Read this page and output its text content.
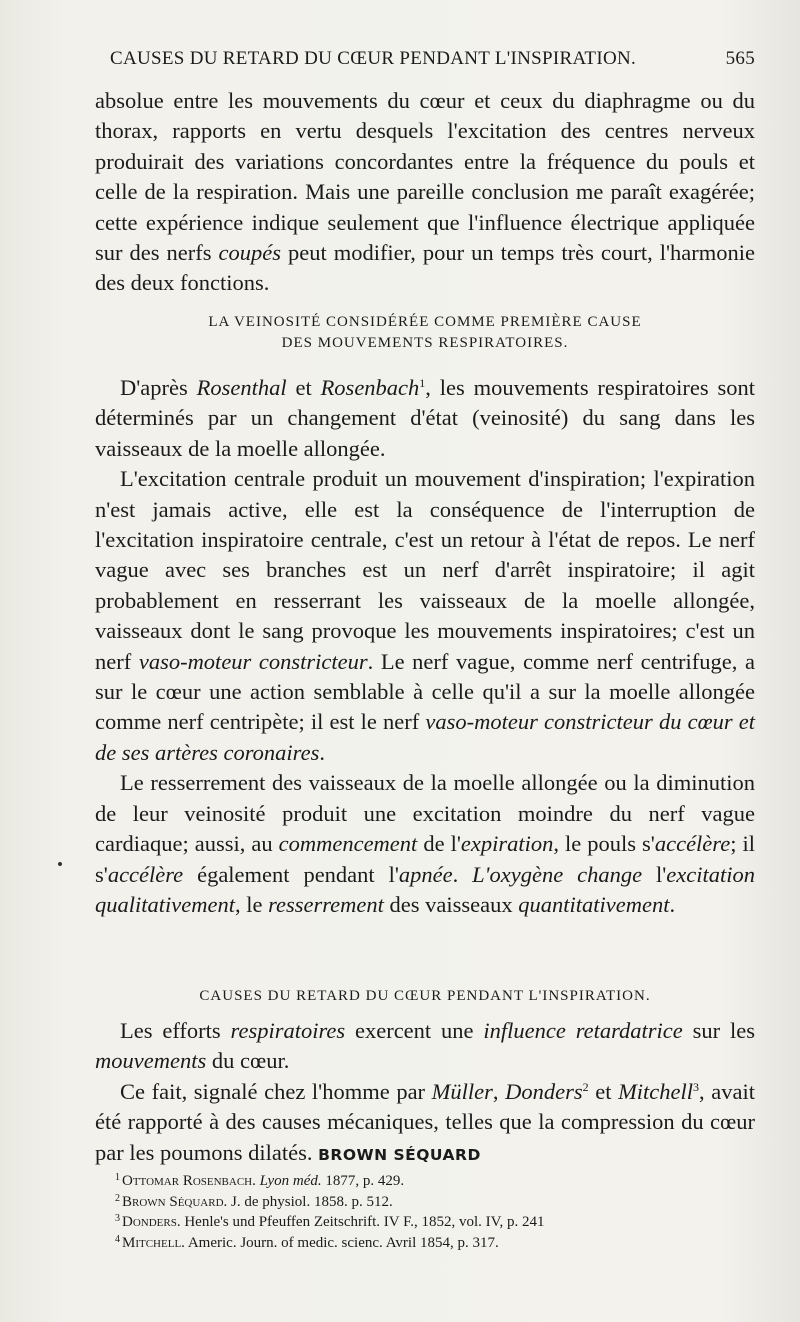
CAUSES DU RETARD DU CŒUR PENDANT L'INSPIRATION.	565

absolue entre les mouvements du cœur et ceux du diaphragme ou du thorax, rapports en vertu desquels l'excitation des centres nerveux produirait des variations concordantes entre la fréquence du pouls et celle de la respiration. Mais une pareille conclusion me paraît exagérée; cette expérience indique seulement que l'influence électrique appliquée sur des nerfs coupés peut modifier, pour un temps très court, l'harmonie des deux fonctions.

LA VEINOSITÉ CONSIDÉRÉE COMME PREMIÈRE CAUSE
DES MOUVEMENTS RESPIRATOIRES.

D'après Rosenthal et Rosenbach$^1$, les mouvements respiratoires sont déterminés par un changement d'état (veinosité) du sang dans les vaisseaux de la moelle allongée.

L'excitation centrale produit un mouvement d'inspiration; l'expiration n'est jamais active, elle est la conséquence de l'interruption de l'excitation inspiratoire centrale, c'est un retour à l'état de repos. Le nerf vague avec ses branches est un nerf d'arrêt inspiratoire; il agit probablement en resserrant les vaisseaux de la moelle allongée, vaisseaux dont le sang provoque les mouvements inspiratoires; c'est un nerf vaso-moteur constricteur. Le nerf vague, comme nerf centrifuge, a sur le cœur une action semblable à celle qu'il a sur la moelle allongée comme nerf centripète; il est le nerf vaso-moteur constricteur du cœur et de ses artères coronaires.

Le resserrement des vaisseaux de la moelle allongée ou la diminution de leur veinosité produit une excitation moindre du nerf vague cardiaque; aussi, au commencement de l'expiration, le pouls s'accélère; il s'accélère également pendant l'apnée. L'oxygène change l'excitation qualitativement, le resserrement des vaisseaux quantitativement.

CAUSES DU RETARD DU CŒUR PENDANT L'INSPIRATION.

Les efforts respiratoires exercent une influence retardatrice sur les mouvements du cœur.

Ce fait, signalé chez l'homme par Müller, Donders$^2$ et Mitchell$^3$, avait été rapporté à des causes mécaniques, telles que la compression du cœur par les poumons dilatés. BROWN SÉQUARD

$^1$ Ottomar Rosenbach. Lyon méd. 1877, p. 429.
$^2$ Brown Séquard. J. de physiol. 1858. p. 512.
$^3$ Donders. Henle's und Pfeuffen Zeitschrift. IV F., 1852, vol. IV, p. 241
$^4$ Mitchell. Americ. Journ. of medic. scienc. Avril 1854, p. 317.
